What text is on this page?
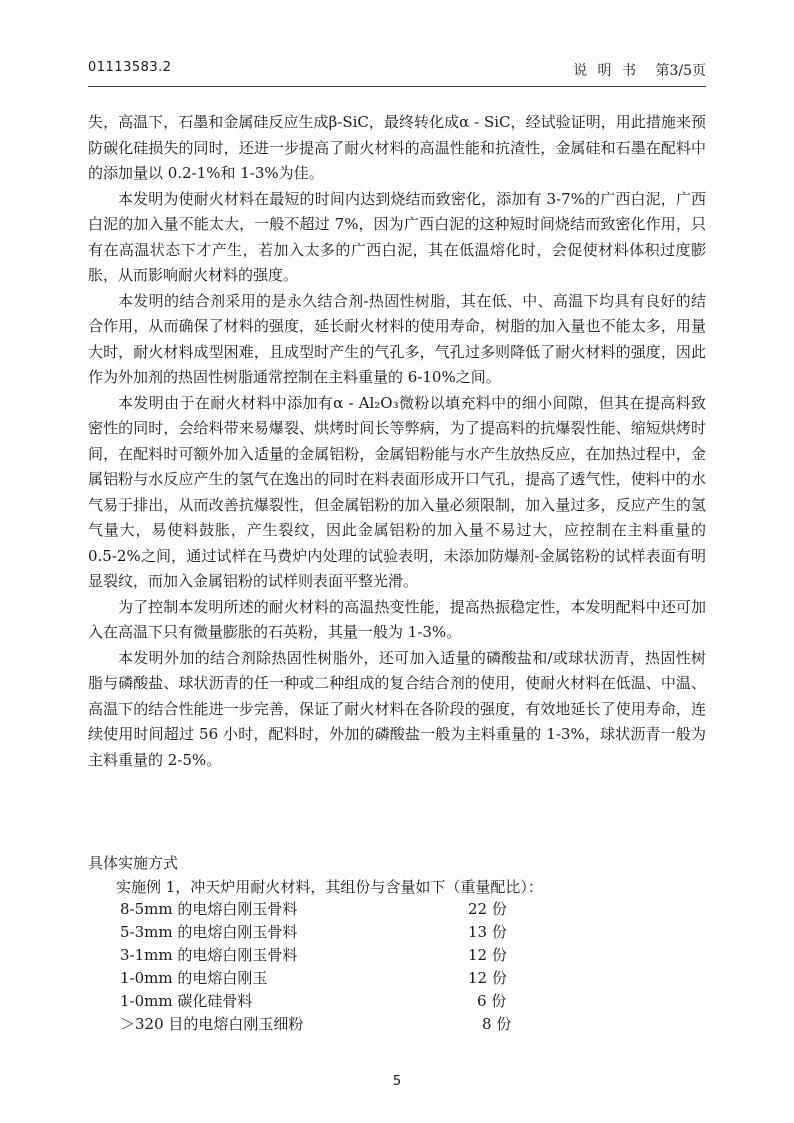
01113583.2	说 明 书 第3/5页

失，高温下，石墨和金属硅反应生成β-SiC，最终转化成α - SiC，经试验证明，用此措施来预防碳化硅损失的同时，还进一步提高了耐火材料的高温性能和抗渣性，金属硅和石墨在配料中的添加量以 0.2-1%和 1-3%为佳。

本发明为使耐火材料在最短的时间内达到烧结而致密化，添加有 3-7%的广西白泥，广西白泥的加入量不能太大，一般不超过 7%，因为广西白泥的这种短时间烧结而致密化作用，只有在高温状态下才产生，若加入太多的广西白泥，其在低温熔化时，会促使材料体积过度膨胀，从而影响耐火材料的强度。

本发明的结合剂采用的是永久结合剂-热固性树脂，其在低、中、高温下均具有良好的结合作用，从而确保了材料的强度，延长耐火材料的使用寿命，树脂的加入量也不能太多，用量大时，耐火材料成型困难，且成型时产生的气孔多，气孔过多则降低了耐火材料的强度，因此作为外加剂的热固性树脂通常控制在主料重量的 6-10%之间。

本发明由于在耐火材料中添加有α - Al₂O₃微粉以填充料中的细小间隙，但其在提高料致密性的同时，会给料带来易爆裂、烘烤时间长等弊病，为了提高料的抗爆裂性能、缩短烘烤时间，在配料时可额外加入适量的金属铝粉，金属铝粉能与水产生放热反应，在加热过程中，金属铝粉与水反应产生的氢气在逸出的同时在料表面形成开口气孔，提高了透气性，使料中的水气易于排出，从而改善抗爆裂性，但金属铝粉的加入量必须限制，加入量过多，反应产生的氢气量大，易使料鼓胀，产生裂纹，因此金属铝粉的加入量不易过大，应控制在主料重量的 0.5-2%之间，通过试样在马费炉内处理的试验表明，未添加防爆剂-金属铭粉的试样表面有明显裂纹，而加入金属铝粉的试样则表面平整光滑。

为了控制本发明所述的耐火材料的高温热变性能，提高热振稳定性，本发明配料中还可加入在高温下只有微量膨胀的石英粉，其量一般为 1-3%。

本发明外加的结合剂除热固性树脂外，还可加入适量的磷酸盐和/或球状沥青，热固性树脂与磷酸盐、球状沥青的任一种或二种组成的复合结合剂的使用，使耐火材料在低温、中温、高温下的结合性能进一步完善，保证了耐火材料在各阶段的强度，有效地延长了使用寿命，连续使用时间超过 56 小时，配料时，外加的磷酸盐一般为主料重量的 1-3%，球状沥青一般为主料重量的 2-5%。

具体实施方式
实施例 1，冲天炉用耐火材料，其组份与含量如下（重量配比）：
8-5mm 的电熔白刚玉骨料	22 份
5-3mm 的电熔白刚玉骨料	13 份
3-1mm 的电熔白刚玉骨料	12 份
1-0mm 的电熔白刚玉	12 份
1-0mm 碳化硅骨料	6 份
＞320 目的电熔白刚玉细粉	8 份
5
